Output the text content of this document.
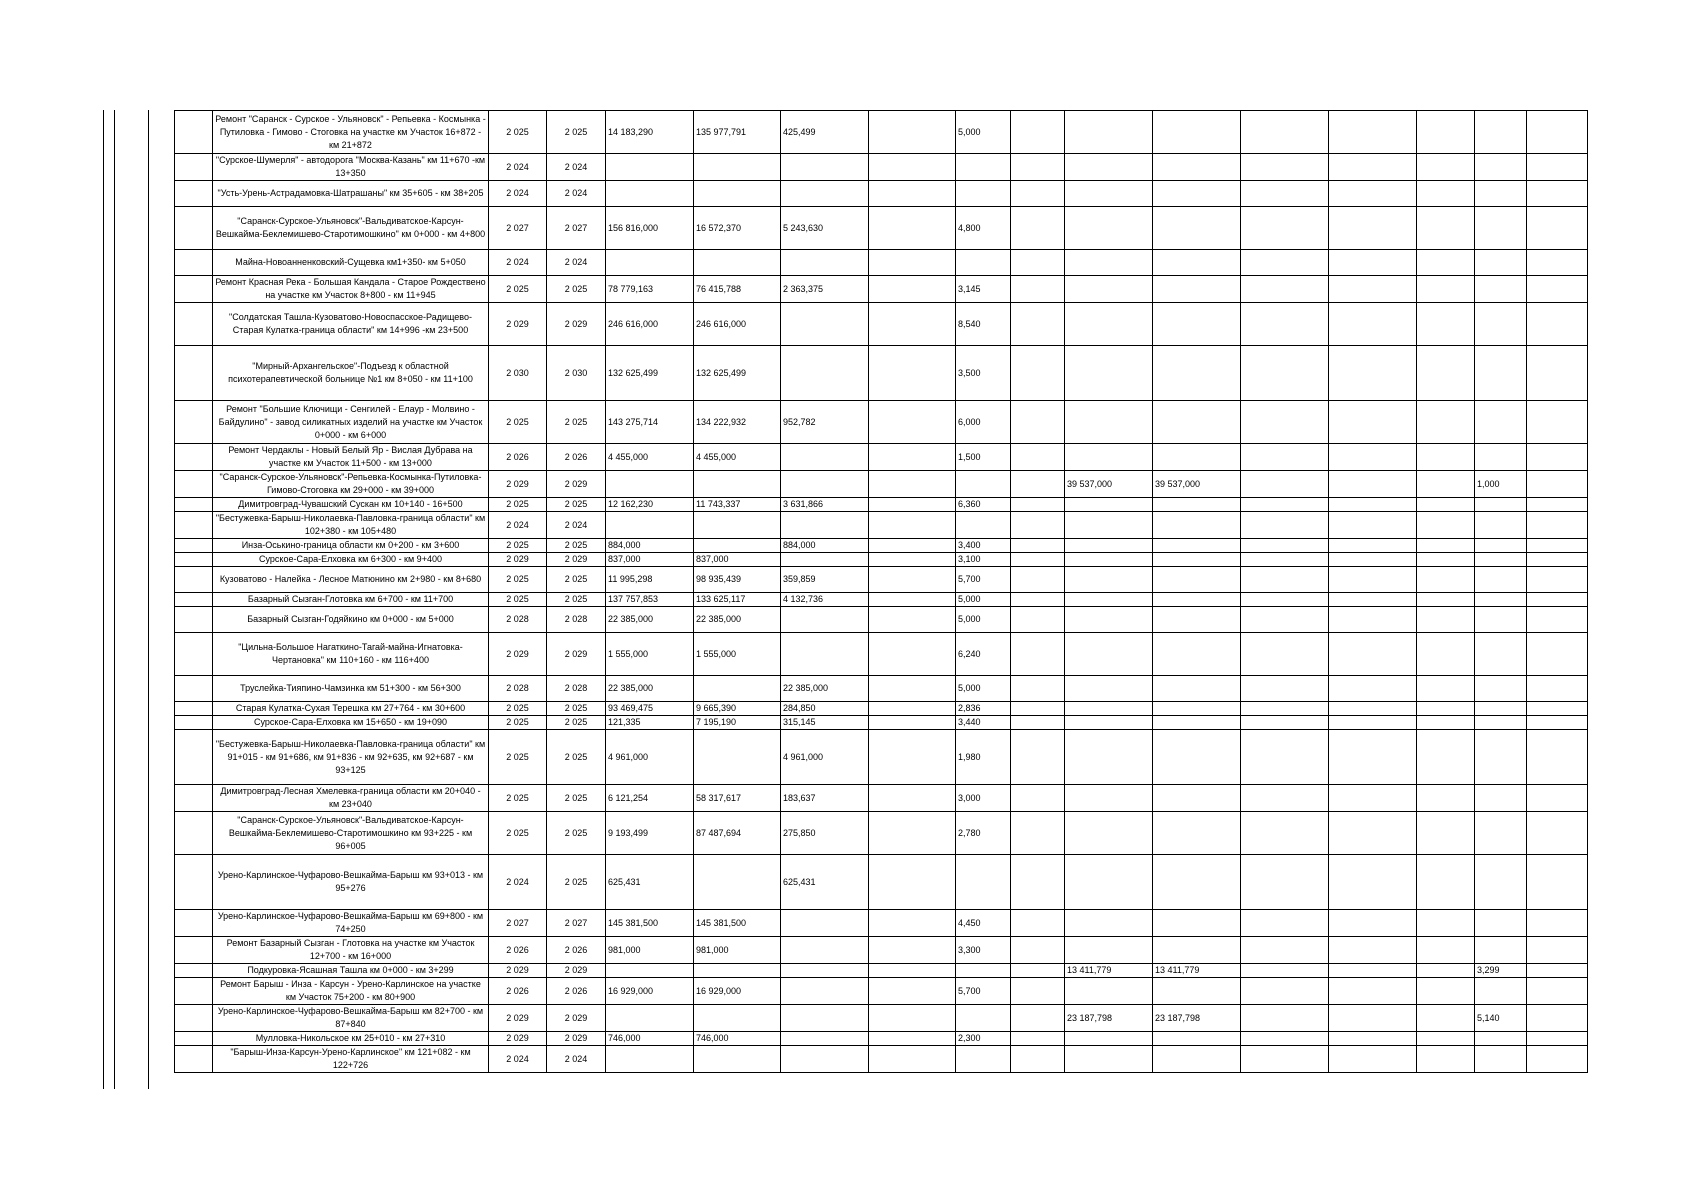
	Ремонт "Саранск - Сурское - Ульяновск" - Репьевка - Космынка - Путиловка - Гимово - Стоговка на участке км Участок 16+872 - км 21+872	2 025	2 025	14 183,290	135 977,791	425,499		5,000								
	"Сурское-Шумерля" - автодорога "Москва-Казань" км 11+670 -км 13+350	2 024	2 024													
	"Усть-Урень-Астрадамовка-Шатрашаны" км 35+605 - км 38+205	2 024	2 024													
	"Саранск-Сурское-Ульяновск"-Вальдиватское-Карсун-Вешкайма-Беклемишево-Старотимошкино" км 0+000 - км 4+800	2 027	2 027	156 816,000	16 572,370	5 243,630		4,800								
	Майна-Новоанненковский-Сущевка км1+350- км 5+050	2 024	2 024													
	Ремонт Красная Река - Большая Кандала - Старое Рождествено на участке км Участок 8+800 - км 11+945	2 025	2 025	78 779,163	76 415,788	2 363,375		3,145								
	"Солдатская Ташла-Кузоватово-Новоспасское-Радищево-Старая Кулатка-граница области" км 14+996 -км 23+500	2 029	2 029	246 616,000	246 616,000			8,540								
	"Мирный-Архангельское"-Подъезд к областной психотерапевтической больнице №1 км 8+050 - км 11+100	2 030	2 030	132 625,499	132 625,499			3,500								
	Ремонт "Большие Ключищи - Сенгилей - Елаур - Молвино - Байдулино" - завод силикатных изделий на участке км Участок 0+000 - км 6+000	2 025	2 025	143 275,714	134 222,932	952,782		6,000								
	Ремонт Чердаклы - Новый Белый Яр - Вислая Дубрава на участке км Участок 11+500 - км 13+000	2 026	2 026	4 455,000	4 455,000			1,500								
	"Саранск-Сурское-Ульяновск"-Репьевка-Космынка-Путиловка-Гимово-Стоговка км 29+000 - км 39+000	2 029	2 029							39 537,000	39 537,000				1,000	
	Димитровград-Чувашский Сускан км 10+140 - 16+500	2 025	2 025	12 162,230	11 743,337	3 631,866		6,360								
	"Бестужевка-Барыш-Николаевка-Павловка-граница области" км 102+380 - км 105+480	2 024	2 024													
	Инза-Оськино-граница области км 0+200 - км 3+600	2 025	2 025	884,000		884,000		3,400								
	Сурское-Сара-Елховка км 6+300 - км 9+400	2 029	2 029	837,000	837,000			3,100								
	Кузоватово - Налейка - Лесное Матюнино км 2+980 - км 8+680	2 025	2 025	11 995,298	98 935,439	359,859		5,700								
	Базарный Сызган-Глотовка км 6+700 - км 11+700	2 025	2 025	137 757,853	133 625,117	4 132,736		5,000								
	Базарный Сызган-Годяйкино км 0+000 - км 5+000	2 028	2 028	22 385,000	22 385,000			5,000								
	"Цильна-Большое Нагаткино-Тагай-майна-Игнатовка-Чертановка" км 110+160 - км 116+400	2 029	2 029	1 555,000	1 555,000			6,240								
	Труслейка-Тияпино-Чамзинка км 51+300 - км 56+300	2 028	2 028	22 385,000		22 385,000		5,000								
	Старая Кулатка-Сухая Терешка км 27+764 - км 30+600	2 025	2 025	93 469,475	9 665,390	284,850		2,836								
	Сурское-Сара-Елховка км 15+650 - км 19+090	2 025	2 025	121,335	7 195,190	315,145		3,440								
	"Бестужевка-Барыш-Николаевка-Павловка-граница области" км 91+015 - км 91+686, км 91+836 - км 92+635, км 92+687 - км 93+125	2 025	2 025	4 961,000		4 961,000		1,980								
	Димитровград-Лесная Хмелевка-граница области км 20+040 - км 23+040	2 025	2 025	6 121,254	58 317,617	183,637		3,000								
	"Саранск-Сурское-Ульяновск"-Вальдиватское-Карсун-Вешкайма-Беклемишево-Старотимошкино км 93+225 - км 96+005	2 025	2 025	9 193,499	87 487,694	275,850		2,780								
	Урено-Карлинское-Чуфарово-Вешкайма-Барыш км 93+013 - км 95+276	2 024	2 025	625,431		625,431										
	Урено-Карлинское-Чуфарово-Вешкайма-Барыш км 69+800 - км 74+250	2 027	2 027	145 381,500	145 381,500			4,450								
	Ремонт Базарный Сызган - Глотовка на участке км Участок 12+700 - км 16+000	2 026	2 026	981,000	981,000			3,300								
	Подкуровка-Ясашная Ташла км 0+000 - км 3+299	2 029	2 029							13 411,779	13 411,779				3,299	
	Ремонт Барыш - Инза - Карсун - Урено-Карлинское на участке км Участок 75+200 - км 80+900	2 026	2 026	16 929,000	16 929,000			5,700								
	Урено-Карлинское-Чуфарово-Вешкайма-Барыш км 82+700 - км 87+840	2 029	2 029							23 187,798	23 187,798				5,140	
	Мулловка-Никольское км 25+010 - км 27+310	2 029	2 029	746,000	746,000			2,300								
	"Барыш-Инза-Карсун-Урено-Карлинское" км 121+082 - км 122+726	2 024	2 024													
